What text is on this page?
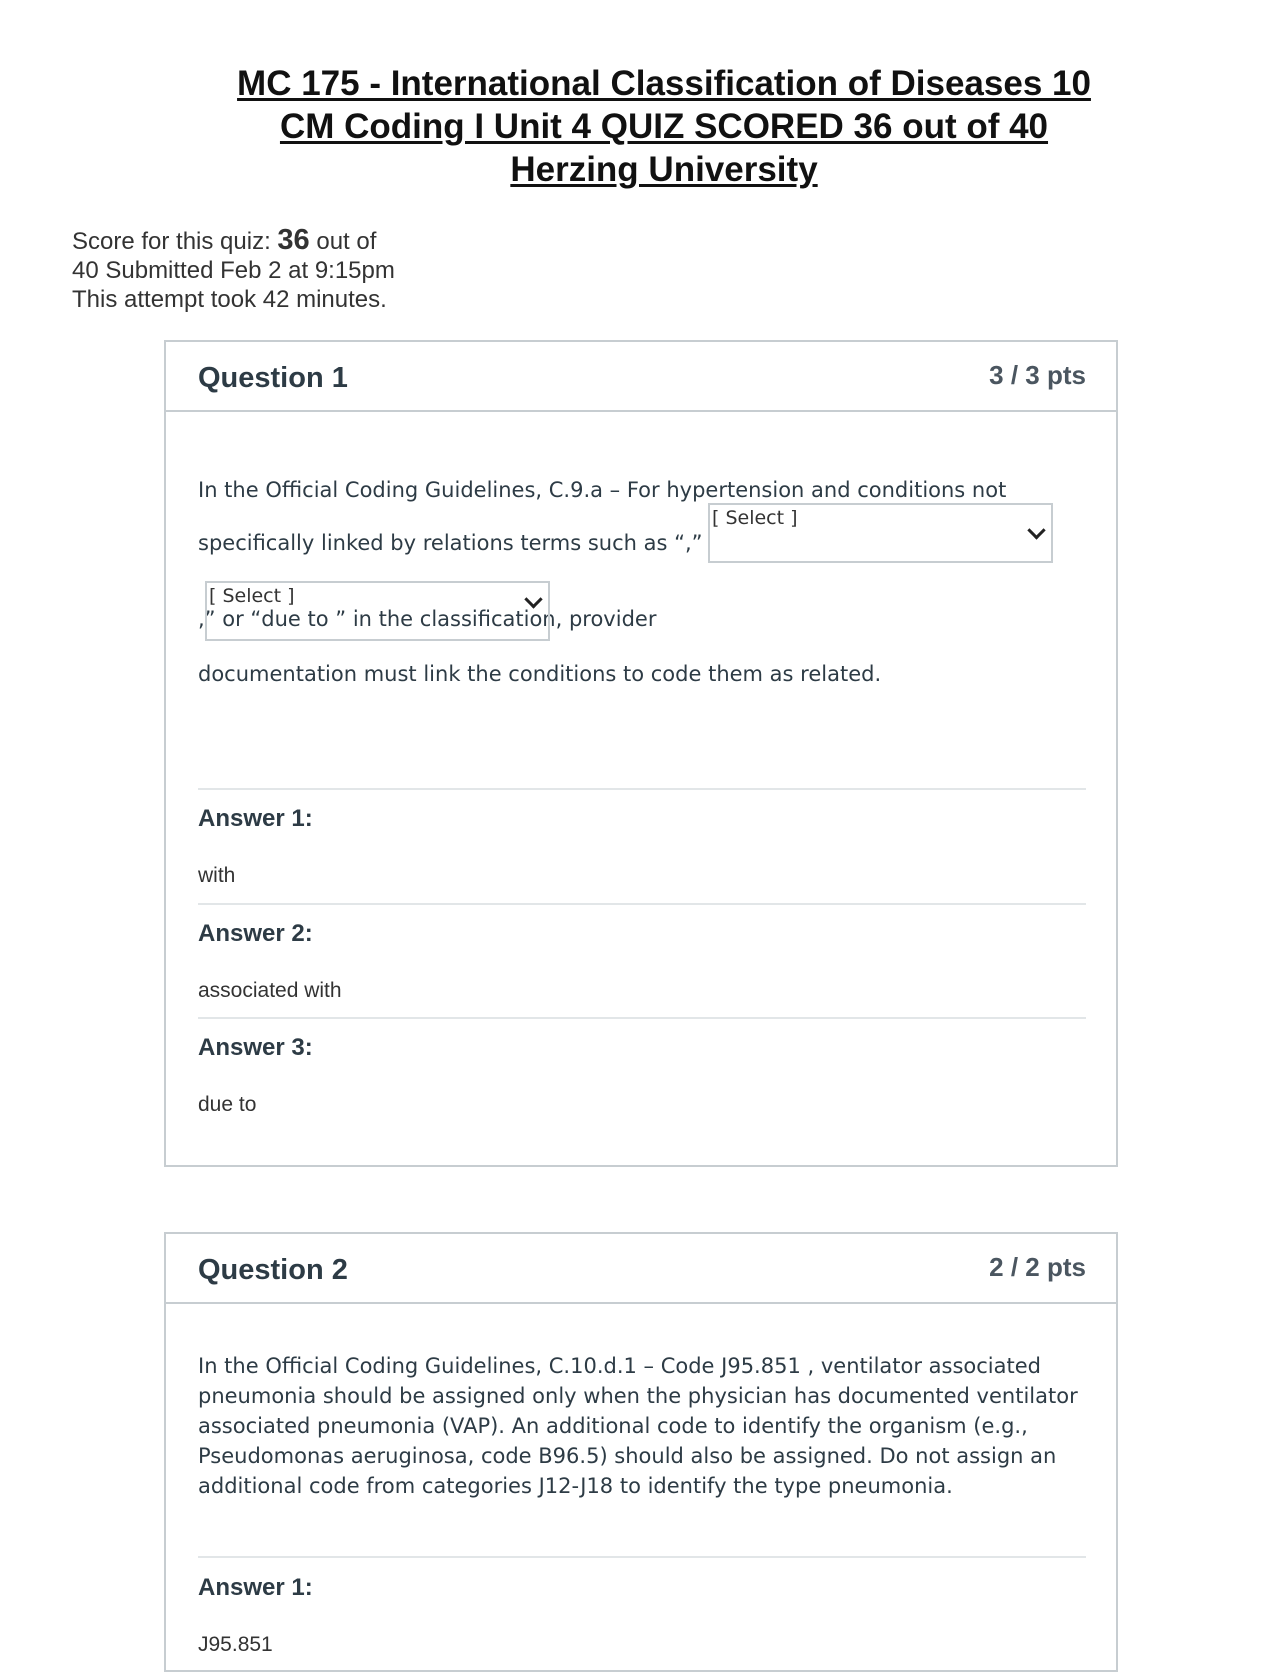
MC 175 - International Classification of Diseases 10
CM Coding I Unit 4 QUIZ SCORED 36 out of 40
Herzing University
Score for this quiz: 36 out of
40 Submitted Feb 2 at 9:15pm
This attempt took 42 minutes.
Question 1	3 / 3 pts
In the Official Coding Guidelines, C.9.a – For hypertension and conditions not
specifically linked by relations terms such as “,”
[ Select ]
,” or “due to ” in the classification, provider
[ Select ]
documentation must link the conditions to code them as related.
Answer 1:
with
Answer 2:
associated with
Answer 3:
due to
Question 2	2 / 2 pts
In the Official Coding Guidelines, C.10.d.1 – Code J95.851 , ventilator associated
pneumonia should be assigned only when the physician has documented ventilator
associated pneumonia (VAP). An additional code to identify the organism (e.g.,
Pseudomonas aeruginosa, code B96.5) should also be assigned. Do not assign an
additional code from categories J12-J18 to identify the type pneumonia.
Answer 1:
J95.851
